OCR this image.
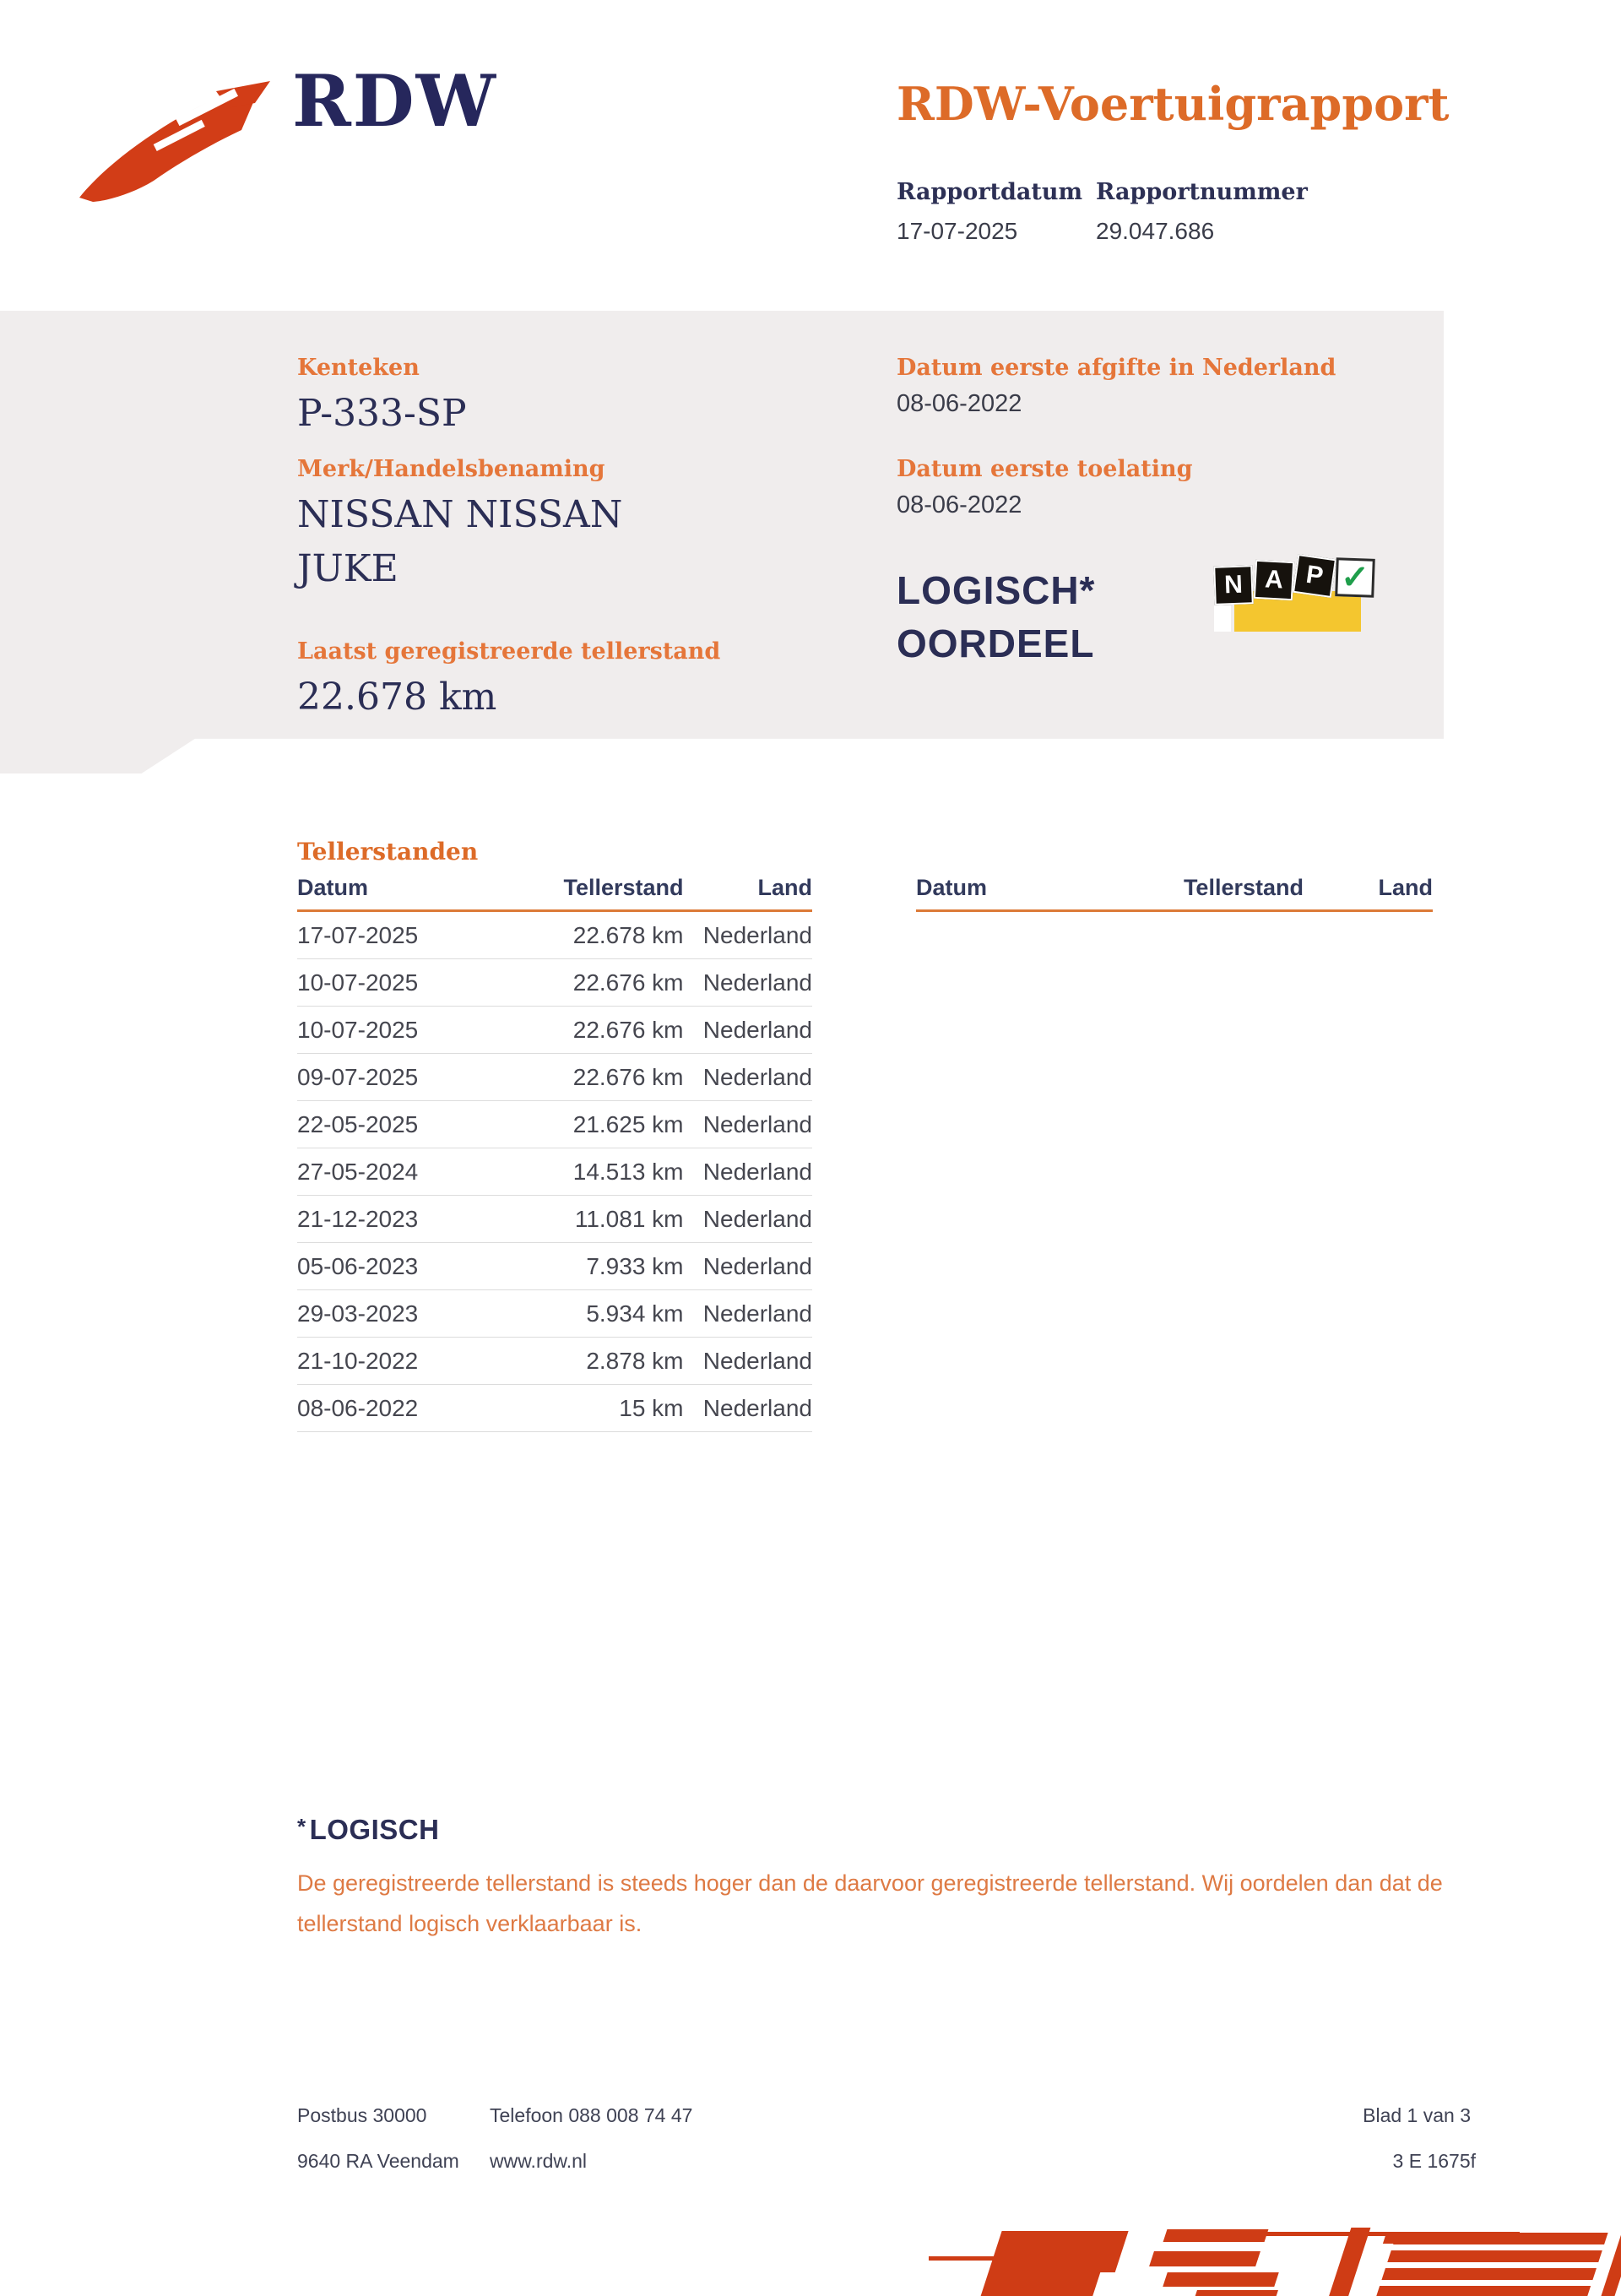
RDW	RDW-Voertuigrapport
Rapportdatum Rapportnummer
17-07-2025	29.047.686
Kenteken
P-333-SP
Merk/Handelsbenaming
NISSAN NISSAN
JUKE
Laatst geregistreerde tellerstand
22.678 km
Datum eerste afgifte in Nederland
08-06-2022
Datum eerste toelating
08-06-2022
LOGISCH*
OORDEEL
N A P ✓
Tellerstanden
Datum	Tellerstand	Land
17-07-2025	22.678 km	Nederland
10-07-2025	22.676 km	Nederland
10-07-2025	22.676 km	Nederland
09-07-2025	22.676 km	Nederland
22-05-2025	21.625 km	Nederland
27-05-2024	14.513 km	Nederland
21-12-2023	11.081 km	Nederland
05-06-2023	7.933 km	Nederland
29-03-2023	5.934 km	Nederland
21-10-2022	2.878 km	Nederland
08-06-2022	15 km	Nederland
Datum	Tellerstand	Land
* LOGISCH
De geregistreerde tellerstand is steeds hoger dan de daarvoor geregistreerde tellerstand. Wij oordelen dan dat de tellerstand logisch verklaarbaar is.
Postbus 30000	Telefoon 088 008 74 47
9640 RA Veendam www.rdw.nl
Blad 1 van 3
3 E 1675f
